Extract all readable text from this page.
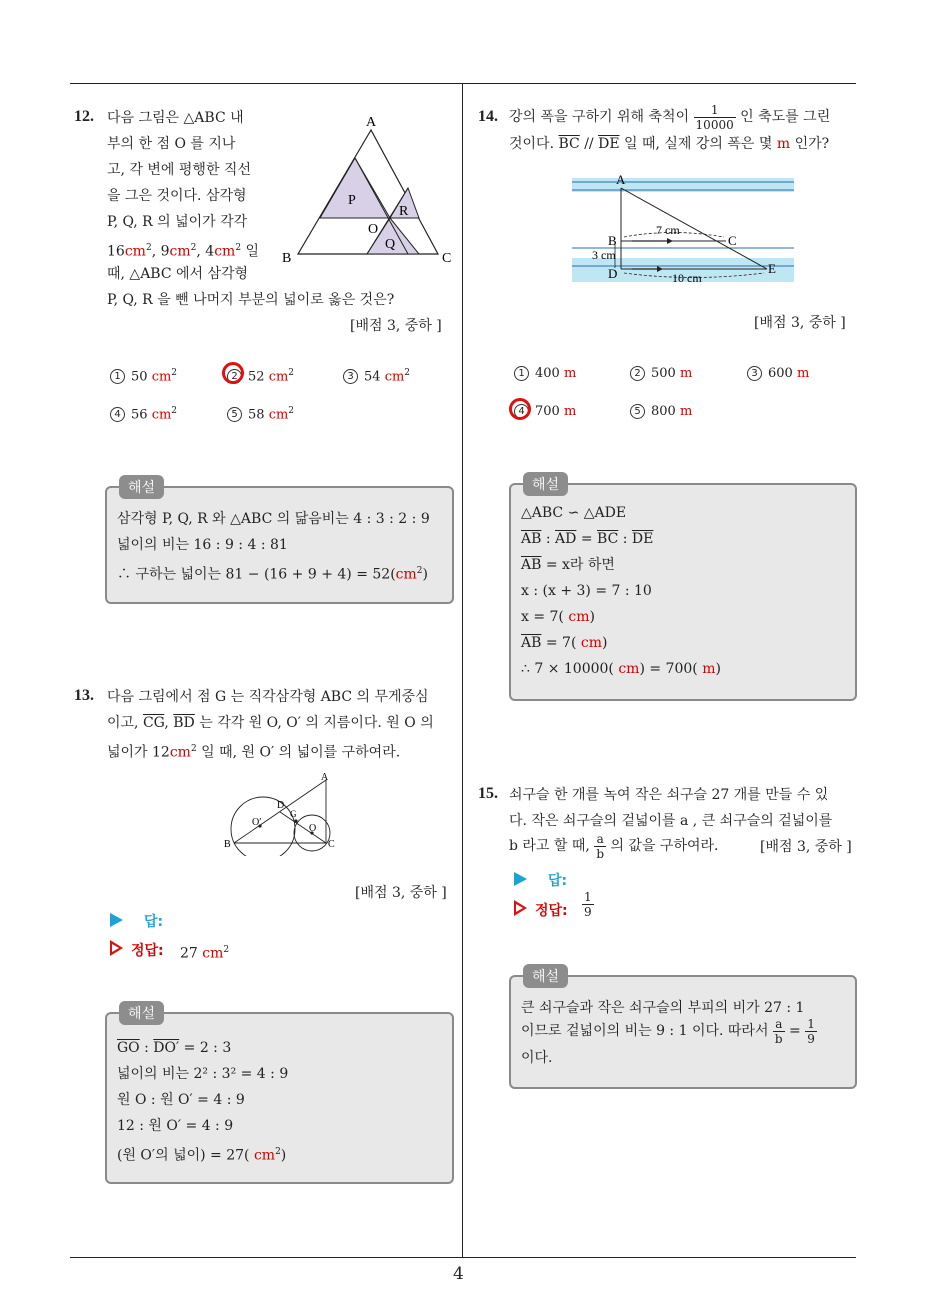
4
12. 다음 그림은 △ABC 내
부의 한 점 O 를 지나
고, 각 변에 평행한 직선
을 그은 것이다. 삼각형
P, Q, R 의 넓이가 각각
$16cm^2$, $9cm^2$, $4cm^2$ 일
때, △ABC 에서 삼각형
P, Q, R 을 뺀 나머지 부분의 넓이로 옳은 것은?
[배점 3, 중하 ]
A
B	C
P
R
O
Q
1 50 $cm^2$	2 52 $cm^2$	3 54 $cm^2$
4 56 $cm^2$	5 58 $cm^2$
해설
삼각형 P, Q, R 와 △ABC 의 닮음비는 4 : 3 : 2 : 9
넓이의 비는 16 : 9 : 4 : 81
∴ 구하는 넓이는 $81 - (16 + 9 + 4) = 52(cm^2)$
13. 다음 그림에서 점 G 는 직각삼각형 ABC 의 무게중심
이고, $\overline{CG}$, $\overline{BD}$ 는 각각 원 O, O′ 의 지름이다. 원 O 의
넓이가 $12cm^2$ 일 때, 원 O′ 의 넓이를 구하여라.
A
D
G
O′
O
B	C
[배점 3, 중하 ]
답:
정답: 27 $cm^2$
해설
$\overline{GO}$ : DO′ = 2 : 3
넓이의 비는 2² : 3² = 4 : 9
원 O : 원 O′ = 4 : 9
12 : 원 O′ = 4 : 9
(원 O′의 넓이) = 27( $cm^2$)
14. 강의 폭을 구하기 위해 축척이 $\frac{1}{10000}$ 인 축도를 그린
것이다. $\overline{BC} // \overline{DE}$ 일 때, 실제 강의 폭은 몇 m 인가?
A
B	C
D	E
7 cm
3 cm
10 cm
[배점 3, 중하 ]
1 400 m	2 500 m	3 600 m
4 700 m	5 800 m
해설
△ABC ∽ △ADE
$\overline{AB}$ : $\overline{AD} = \overline{BC}$ : $\overline{DE}$
$\overline{AB} = x$라 하면
x : (x + 3) = 7 : 10
x = 7( cm)
$\overline{AB} = 7$( cm)
∴ 7 × 10000( cm) = 700( m)
15. 쇠구슬 한 개를 녹여 작은 쇠구슬 27 개를 만들 수 있
다. 작은 쇠구슬의 겉넓이를 a , 큰 쇠구슬의 겉넓이를
b 라고 할 때, $\frac{a}{b}$ 의 값을 구하여라.	[배점 3, 중하 ]
답:
정답: $\frac{1}{9}$
해설
큰 쇠구슬과 작은 쇠구슬의 부피의 비가 27 : 1
이므로 겉넓이의 비는 9 : 1 이다. 따라서 $\frac{a}{b} = \frac{1}{9}$
이다.
